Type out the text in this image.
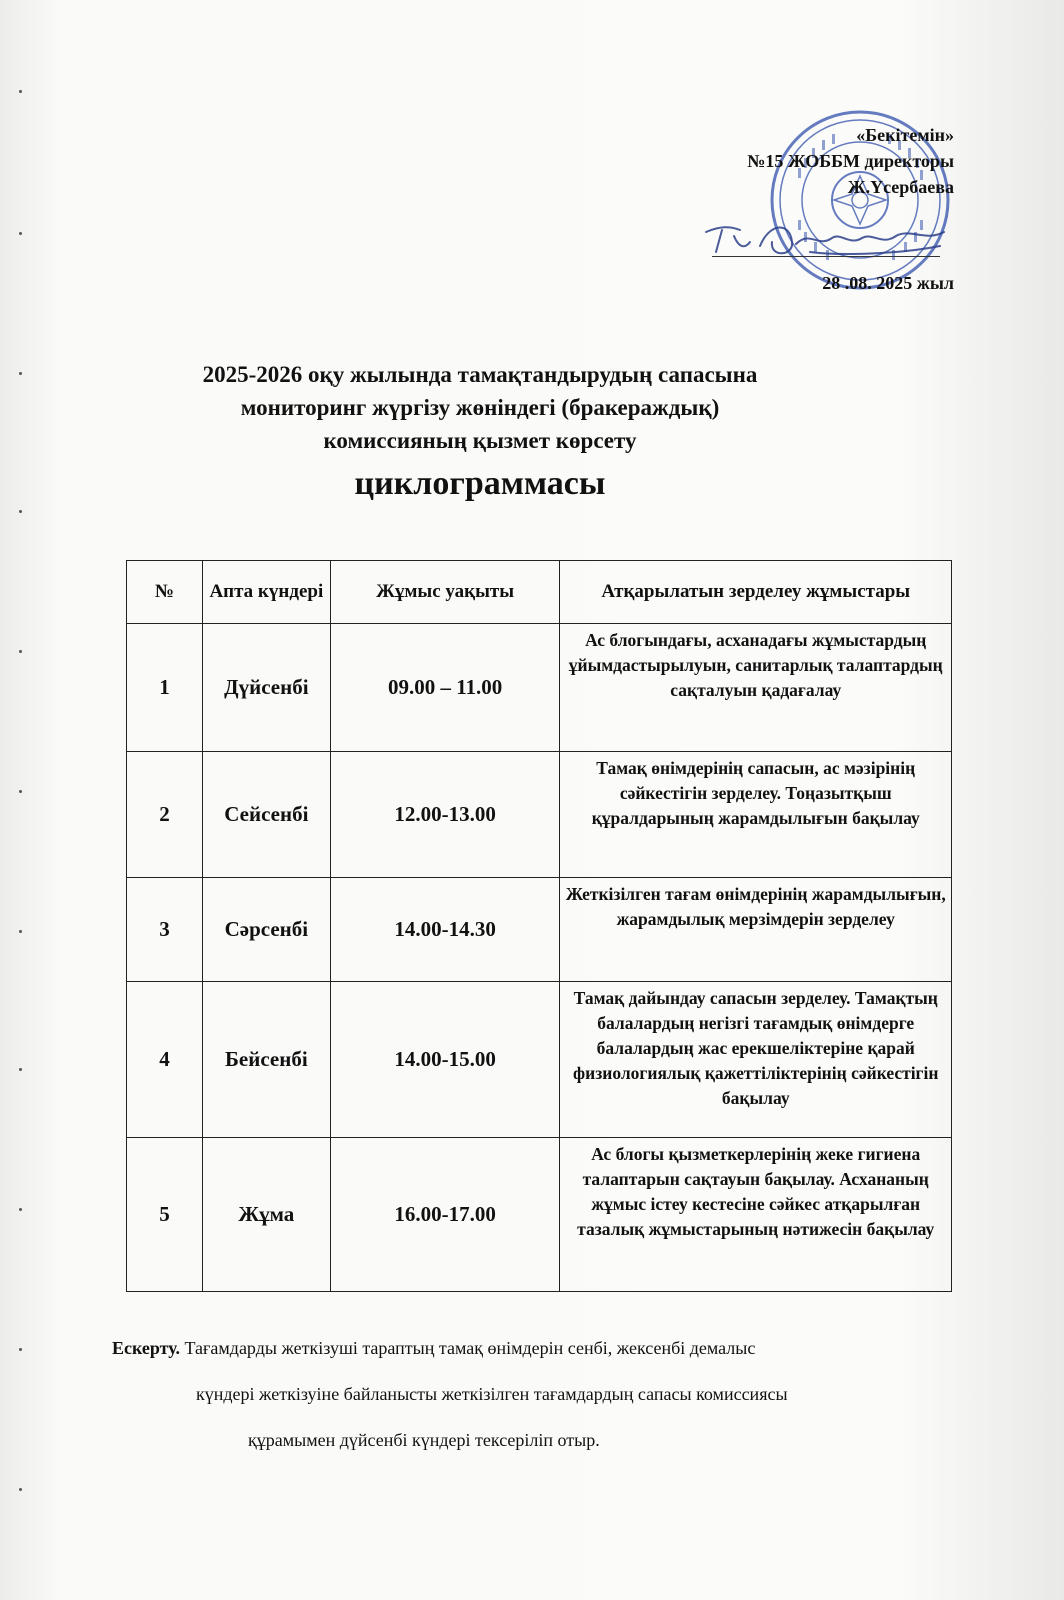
«Бекітемін»
№15 ЖОББМ директоры
Ж.Үсербаева
28 .08. 2025 жыл
2025-2026 оқу жылында тамақтандырудың сапасына
мониторинг жүргізу жөніндегі (бракераждық)
комиссияның қызмет көрсету
циклограммасы
№	Апта күндері	Жұмыс уақыты	Атқарылатын зерделеу жұмыстары
1	Дүйсенбі	09.00 – 11.00	Ас блогындағы, асханадағы жұмыстардың ұйымдастырылуын, санитарлық талаптардың сақталуын қадағалау
2	Сейсенбі	12.00-13.00	Тамақ өнімдерінің сапасын, ас мәзірінің сәйкестігін зерделеу. Тоңазытқыш құралдарының жарамдылығын бақылау
3	Сәрсенбі	14.00-14.30	Жеткізілген тағам өнімдерінің жарамдылығын, жарамдылық мерзімдерін зерделеу
4	Бейсенбі	14.00-15.00	Тамақ дайындау сапасын зерделеу. Тамақтың балалардың негізгі тағамдық өнімдерге балалардың жас ерекшеліктеріне қарай физиологиялық қажеттіліктерінің сәйкестігін бақылау
5	Жұма	16.00-17.00	Ас блогы қызметкерлерінің жеке гигиена талаптарын сақтауын бақылау. Асхананың жұмыс істеу кестесіне сәйкес атқарылған тазалық жұмыстарының нәтижесін бақылау
Ескерту. Тағамдарды жеткізуші тараптың тамақ өнімдерін сенбі, жексенбі демалыс
күндері жеткізуіне байланысты жеткізілген тағамдардың сапасы комиссиясы
құрамымен дүйсенбі күндері тексеріліп отыр.
